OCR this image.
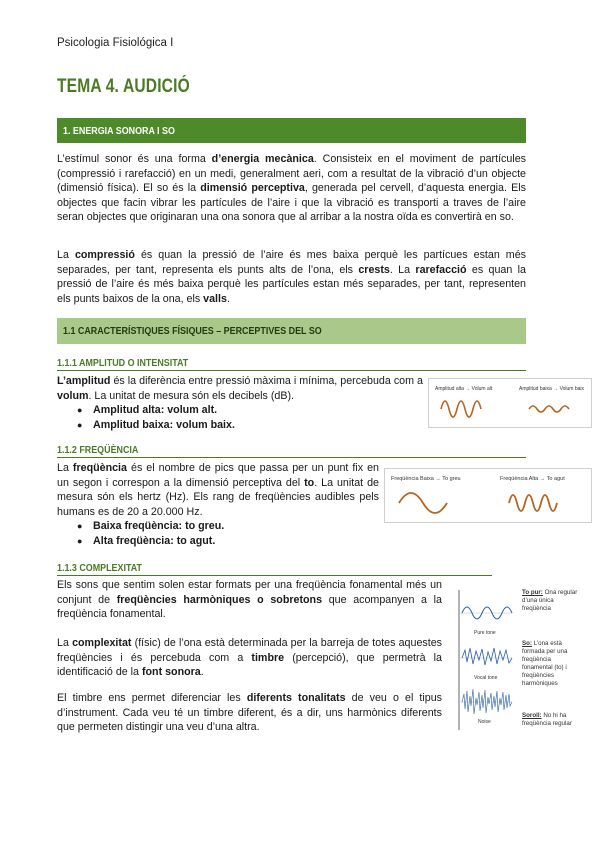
Psicologia Fisiológica I
TEMA 4. AUDICIÓ
1. ENERGIA SONORA I SO
L’estímul sonor és una forma d’energia mecànica. Consisteix en el moviment de partícules (compressió i rarefacció) en un medi, generalment aeri, com a resultat de la vibració d’un objecte (dimensió física). El so és la dimensió perceptiva, generada pel cervell, d’aquesta energia. Els objectes que facin vibrar les partícules de l’aire i que la vibració es transporti a traves de l’aire seran objectes que originaran una ona sonora que al arribar a la nostra oïda es convertirà en so.
La compressió és quan la pressió de l’aire és mes baixa perquè les partícues estan més separades, per tant, representa els punts alts de l’ona, els crests. La rarefacció es quan la pressió de l’aire és més baixa perquè les partícules estan més separades, per tant, representen els punts baixos de la ona, els valls.
1.1 CARACTERÍSTIQUES FÍSIQUES – PERCEPTIVES DEL SO
1.1.1 AMPLITUD O INTENSITAT
L’amplitud és la diferència entre pressió màxima i mínima, percebuda com a volum. La unitat de mesura són els decibels (dB).
● Amplitud alta: volum alt.
● Amplitud baixa: volum baix.
Amplitud alta → Volum alt	Amplitud baixa → Volum baix
1.1.2 FREQÜÈNCIA
La freqüència és el nombre de pics que passa per un punt fix en un segon i correspon a la dimensió perceptiva del to. La unitat de mesura són els hertz (Hz). Els rang de freqüències audibles pels humans es de 20 a 20.000 Hz.
● Baixa freqüència: to greu.
● Alta freqüència: to agut.
Freqüència Baixa → To greu	Freqüència Alta → To agut
1.1.3 COMPLEXITAT
Els sons que sentim solen estar formats per una freqüència fonamental més un conjunt de freqüències harmòniques o sobretons que acompanyen a la freqüència fonamental.
La complexitat (físic) de l’ona està determinada per la barreja de totes aquestes freqüències i és percebuda com a timbre (percepció), que permetrà la identificació de la font sonora.
El timbre ens permet diferenciar les diferents tonalitats de veu o el tipus d’instrument. Cada veu té un timbre diferent, és a dir, uns harmònics diferents que permeten distingir una veu d’una altra.
Pure tone
Vocal tone
Noise
To pur: Ona regular d’una única freqüència
So: L’ona està formada per una freqüència fonamental (to) i freqüències harmòniques
Soroll: No hi ha freqüència regular
